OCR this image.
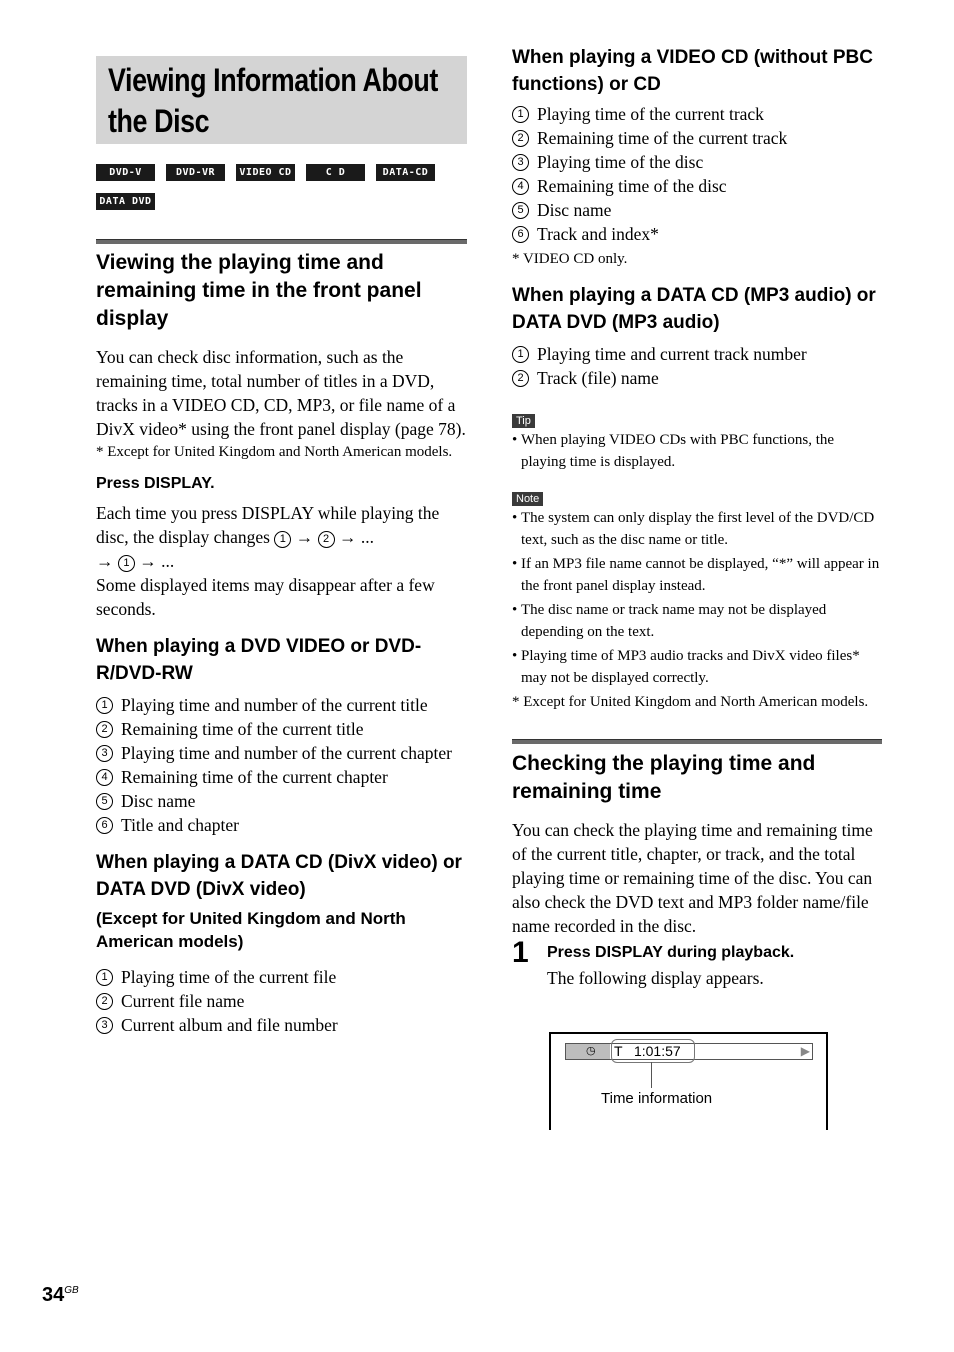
Viewing Information About the Disc
DVD-V	DVD-VR	VIDEO CD	C D	DATA-CD
DATA DVD
Viewing the playing time and remaining time in the front panel display

You can check disc information, such as the remaining time, total number of titles in a DVD, tracks in a VIDEO CD, CD, MP3, or file name of a DivX video* using the front panel display (page 78).

* Except for United Kingdom and North American models.

Press DISPLAY.

Each time you press DISPLAY while playing the disc, the display changes 1 → 2 → ...
→ 1 → ...

Some displayed items may disappear after a few seconds.

When playing a DVD VIDEO or DVD-R/DVD-RW
1 Playing time and number of the current title
2 Remaining time of the current title
3 Playing time and number of the current chapter
4 Remaining time of the current chapter
5 Disc name
6 Title and chapter
When playing a DATA CD (DivX video) or DATA DVD (DivX video)
(Except for United Kingdom and North American models)
1 Playing time of the current file
2 Current file name
3 Current album and file number
When playing a VIDEO CD (without PBC functions) or CD
1 Playing time of the current track
2 Remaining time of the current track
3 Playing time of the disc
4 Remaining time of the disc
5 Disc name
6 Track and index*

* VIDEO CD only.

When playing a DATA CD (MP3 audio) or DATA DVD (MP3 audio)
1 Playing time and current track number
2 Track (file) name
Tip
• When playing VIDEO CDs with PBC functions, the playing time is displayed.
Note
• The system can only display the first level of the DVD/CD text, such as the disc name or title.
• If an MP3 file name cannot be displayed, “*” will appear in the front panel display instead.
• The disc name or track name may not be displayed depending on the text.
• Playing time of MP3 audio tracks and DivX video files* may not be displayed correctly.

* Except for United Kingdom and North American models.

Checking the playing time and remaining time

You can check the playing time and remaining time of the current title, chapter, or track, and the total playing time or remaining time of the disc. You can also check the DVD text and MP3 folder name/file name recorded in the disc.

1 Press DISPLAY during playback.

The following display appears.

◷ T   1:01:57	▶
Time information
$34^{GB}$
